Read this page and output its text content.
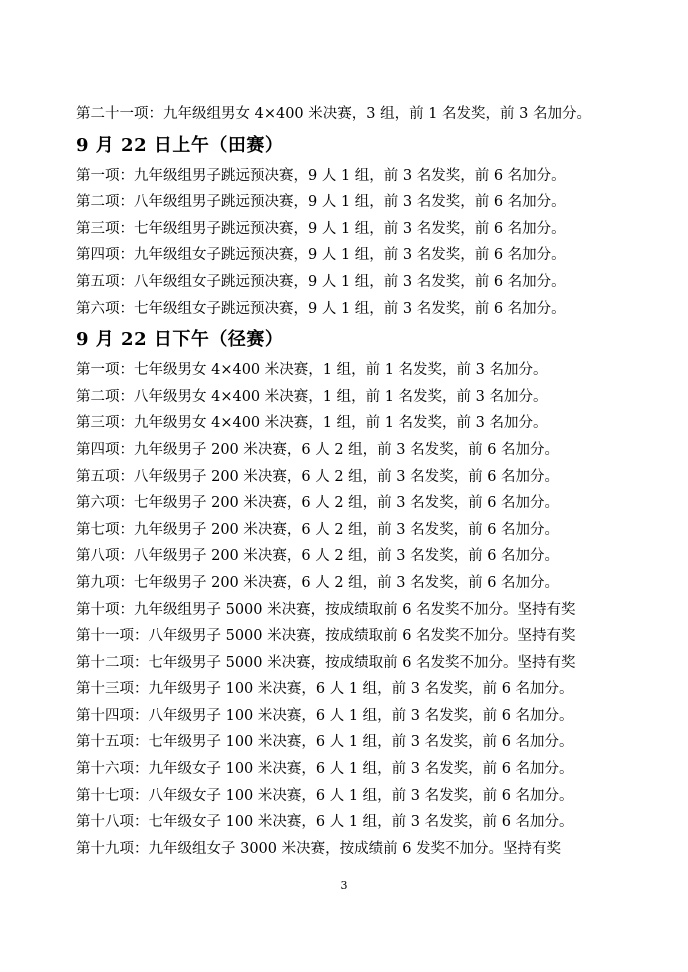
第二十一项：九年级组男女 4×400 米决赛，3 组，前 1 名发奖，前 3 名加分。
9 月 22 日上午（田赛）
第一项：九年级组男子跳远预决赛，9 人 1 组，前 3 名发奖，前 6 名加分。
第二项：八年级组男子跳远预决赛，9 人 1 组，前 3 名发奖，前 6 名加分。
第三项：七年级组男子跳远预决赛，9 人 1 组，前 3 名发奖，前 6 名加分。
第四项：九年级组女子跳远预决赛，9 人 1 组，前 3 名发奖，前 6 名加分。
第五项：八年级组女子跳远预决赛，9 人 1 组，前 3 名发奖，前 6 名加分。
第六项：七年级组女子跳远预决赛，9 人 1 组，前 3 名发奖，前 6 名加分。
9 月 22 日下午（径赛）
第一项：七年级男女 4×400 米决赛，1 组，前 1 名发奖，前 3 名加分。
第二项：八年级男女 4×400 米决赛，1 组，前 1 名发奖，前 3 名加分。
第三项：九年级男女 4×400 米决赛，1 组，前 1 名发奖，前 3 名加分。
第四项：九年级男子 200 米决赛，6 人 2 组，前 3 名发奖，前 6 名加分。
第五项：八年级男子 200 米决赛，6 人 2 组，前 3 名发奖，前 6 名加分。
第六项：七年级男子 200 米决赛，6 人 2 组，前 3 名发奖，前 6 名加分。
第七项：九年级男子 200 米决赛，6 人 2 组，前 3 名发奖，前 6 名加分。
第八项：八年级男子 200 米决赛，6 人 2 组，前 3 名发奖，前 6 名加分。
第九项：七年级男子 200 米决赛，6 人 2 组，前 3 名发奖，前 6 名加分。
第十项：九年级组男子 5000 米决赛，按成绩取前 6 名发奖不加分。坚持有奖
第十一项：八年级男子 5000 米决赛，按成绩取前 6 名发奖不加分。坚持有奖
第十二项：七年级男子 5000 米决赛，按成绩取前 6 名发奖不加分。坚持有奖
第十三项：九年级男子 100 米决赛，6 人 1 组，前 3 名发奖，前 6 名加分。
第十四项：八年级男子 100 米决赛，6 人 1 组，前 3 名发奖，前 6 名加分。
第十五项：七年级男子 100 米决赛，6 人 1 组，前 3 名发奖，前 6 名加分。
第十六项：九年级女子 100 米决赛，6 人 1 组，前 3 名发奖，前 6 名加分。
第十七项：八年级女子 100 米决赛，6 人 1 组，前 3 名发奖，前 6 名加分。
第十八项：七年级女子 100 米决赛，6 人 1 组，前 3 名发奖，前 6 名加分。
第十九项：九年级组女子 3000 米决赛，按成绩前 6 发奖不加分。坚持有奖
3
